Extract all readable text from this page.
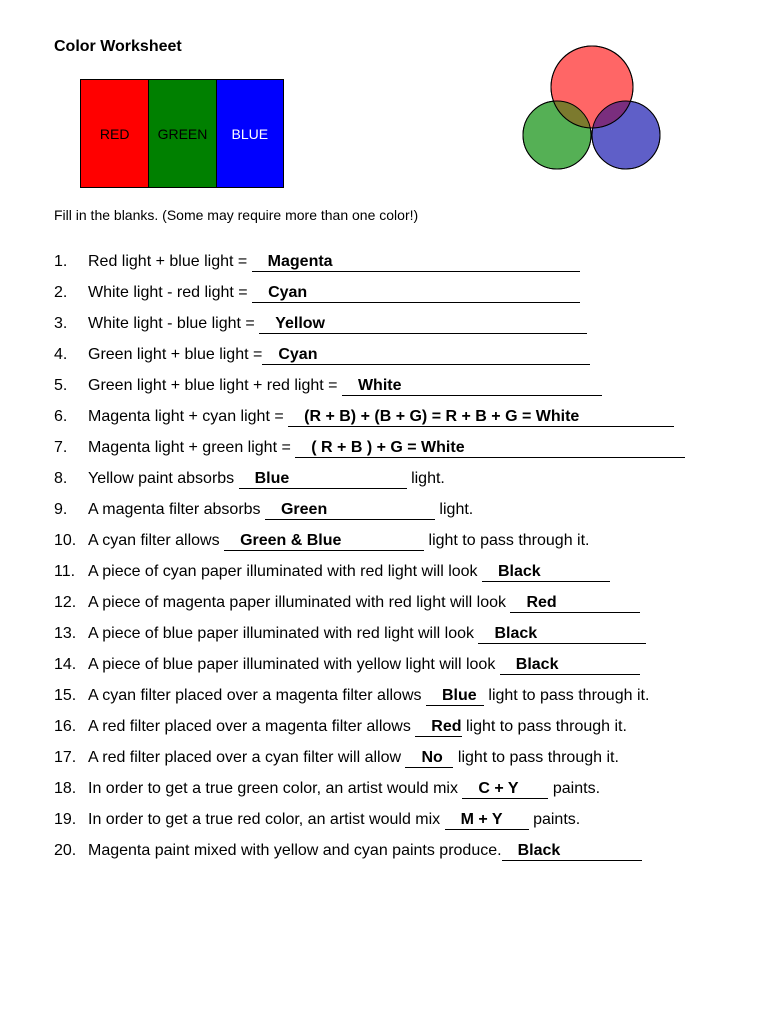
Color Worksheet
RED GREEN BLUE
Fill in the blanks. (Some may require more than one color!)
1. Red light + blue light = Magenta
2. White light - red light = Cyan
3. White light - blue light = Yellow
4. Green light + blue light = Cyan
5. Green light + blue light + red light = White
6. Magenta light + cyan light = (R + B) + (B + G) = R + B + G = White
7. Magenta light + green light = ( R + B ) + G = White
8. Yellow paint absorbs Blue	light.
9. A magenta filter absorbs Green	light.
10. A cyan filter allows Green & Blue	light to pass through it.
11. A piece of cyan paper illuminated with red light will look Black
12. A piece of magenta paper illuminated with red light will look Red
13. A piece of blue paper illuminated with red light will look Black
14. A piece of blue paper illuminated with yellow light will look Black
15. A cyan filter placed over a magenta filter allows Blue light to pass through it.
16. A red filter placed over a magenta filter allows Red light to pass through it.
17. A red filter placed over a cyan filter will allow No light to pass through it.
18. In order to get a true green color, an artist would mix C + Y paints.
19. In order to get a true red color, an artist would mix M + Y paints.
20. Magenta paint mixed with yellow and cyan paints produce. Black
